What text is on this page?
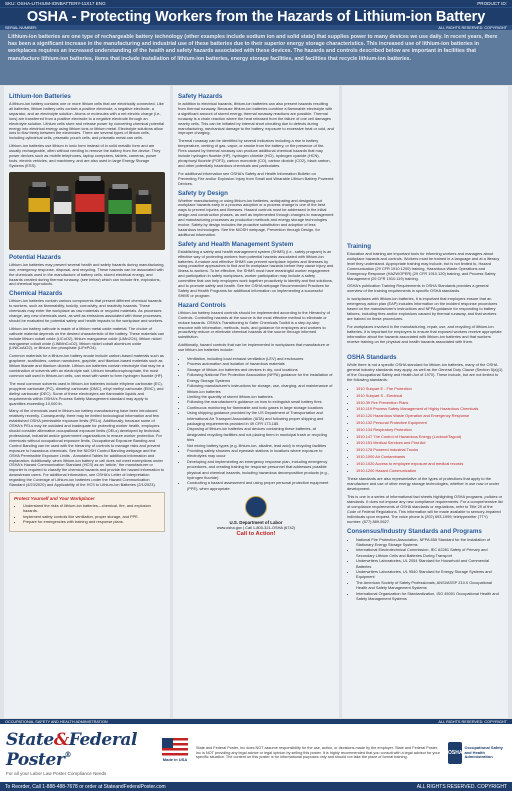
SKU: OSHA-LITHIUM-IONBATTERY-11X17 ENG	PRODUCT ID:
OSHA - Protecting Workers from the Hazards of Lithium-ion Battery
SERIAL NUMBER:	ALL RIGHTS RESERVED. COPYRIGHT
Lithium-ion batteries are one type of rechargeable battery technology (other examples include sodium ion and solid state) that supplies power to many devices we use daily. In recent years, there has been a significant increase in the manufacturing and industrial use of these batteries due to their superior energy storage characteristics. This increased use of lithium-ion batteries in workplaces requires an increased understanding of the health and safety hazards associated with these devices. The hazards and controls described below are important in facilities that manufacture lithium-ion batteries, items that include installation of lithium-ion batteries, energy storage facilities, and facilities that recycle lithium-ion batteries.
Lithium-Ion Batteries

A lithium-ion battery contains one or more lithium cells that are electrically connected. Like all batteries, lithium battery cells contain a positive electrode, a negative electrode, a separator, and an electrolyte solution. Atoms or molecules with a net electric charge (i.e., ions) are transferred from a positive electrode to a negative electrode through an electrolyte solution. Lithium cells store and release power by converting chemical potential energy into electrical energy using lithium ions or lithium metal. Electrolyte solutions allow ions to flow freely between the electrodes. There are several types of lithium cells, including cylindrical cells, prismatic pouch cells, and prismatic metal can cells.

Lithium-ion batteries use lithium in ionic form instead of in solid metallic form and are usually rechargeable, often without needing to remove the battery from the device. They power devices such as mobile telephones, laptop computers, tablets, cameras, power tools, electric vehicles, and machinery, and are also used in large Energy Storage Systems (ESS).

Potential Hazards

Lithium-ion batteries may present several health and safety hazards during manufacturing, use, emergency response, disposal, and recycling. These hazards can be associated with the chemicals used in the manufacture of battery cells, stored electrical energy, and hazards created during thermal runaway, (see below) which can include fire, explosions, and chemical byproducts.

Chemical Hazards

Lithium-ion batteries contain various components that present different chemical hazards to workers, such as flammability, toxicity, corrosivity, and reactivity hazards. These chemicals may enter the workplace as raw materials or recycled materials. As processes change, any new chemicals used, as well as emissions associated with those processes, should be evaluated for potential safety and health impacts to the workplace and workers.

Lithium-ion battery cathode is made of a lithium metal oxide material. The choice of cathode material depends on the desired characteristic of the battery. These materials can include lithium cobalt oxide (LiCoO2), lithium manganese oxide (LiMn2O4), lithium nickel manganese cobalt oxide (LiNiMnCoO2), lithium nickel cobalt aluminum oxide (LiNiCoAlO2), or lithium iron phosphate (LiFePO4).

Common materials for a lithium-ion battery anode include carbon-based materials such as graphene, scaffolders, carbon nanotubes, graphite, and titanium-based materials such as lithium titanate and titanium dioxide. Lithium-ion batteries contain electrolyte that may be a combination of solvents with an electrolyte salt. Lithium hexafluorophosphate, the most common salt used in lithium-ion cells, can react with water to form hydrogen fluoride (HF).

The most common solvents used in lithium-ion batteries include ethylene carbonate (EC), propylene carbonate (PC), dimethyl carbonate (DMC), ethyl methyl carbonate (EMC), and diethyl carbonate (DEC). Some of these electrolytes are flammable liquids and requirements within OSHA's Process Safety Management standard may apply to quantities exceeding 10,000 lb.

Many of the chemicals used in lithium-ion battery manufacturing have been introduced relatively recently. Consequently, there may be limited toxicological information and few established OSHA permissible exposure limits (PELs). Additionally, because some of OSHA's PELs may be outdated and inadequate for protecting worker health, employers should consider alternative occupational exposure limits (OELs) developed by technical, professional, industrial and/or government organizations to ensure worker protection. For chemicals without occupational exposure limits, Occupational Exposure Banding and Control Banding can be used with the hierarchy of controls to manage risks and prevent exposure to hazardous chemicals. See the NIOSH Control Banding webpage and the OSHA Permissible Exposure Limits - Annotated Tables for additional information and explanation. Additionally, when lithium-ion battery or cell does not meet exemptions under OSHA's Hazard Communication Standard (HCS) as an 'article,' the manufacturer or importer is required to classify the chemical hazards and provide the hazard information to downstream users. For additional information, see OSHA's Letter of Interpretation regarding the Coverage of Lithium-ion batteries under the Hazard Communication Standard (4/23/2020) and Applicability of the HCS to Lithium-Ion Batteries (2/1/2023).

Protect Yourself and Your Workplace!
• Understand the risks of lithium-ion batteries—chemical, fire, and explosion hazards.
• Implement safety controls like ventilation, proper storage, and PPE.
• Prepare for emergencies with training and response plans.
Safety Hazards

In addition to electrical hazards, lithium-ion batteries can also present hazards resulting from thermal runaway. Because lithium-ion batteries combine a flammable electrolyte with a significant amount of stored energy, thermal runaway reactions are possible. Thermal runaway is a chain reaction where the heat released from the failure of one cell damages nearby cells. This can be initiated by internal short circuiting due to defects during manufacturing, mechanical damage to the battery, exposure to excessive heat or cold, and improper charging.

Thermal runaway can be identified by several indicators including a rise in battery temperature, venting of gas, vapor, or smoke from the battery, or the presence of fire. Fires caused by thermal runaway can produce additional chemical hazards that may include hydrogen fluoride (HF), hydrogen chloride (HCl), hydrogen cyanide (HCN), phosphoryl fluoride (POF3), carbon monoxide (CO), carbon dioxide (CO2), black carbon, and other potentially hazardous chemicals and particulates.

For additional information see OSHA's Safety and Health Information Bulletin on Preventing Fire and/or Explosion Injury from Small and Wearable Lithium Battery Powered Devices.

Safety by Design

Whether manufacturing or using lithium-ion batteries, anticipating and designing out workplace hazards early in a process adoption or a process change is one of the best ways to prevent injuries and illnesses. Hazard controls must be addressed in the initial design and construction phases, as well as implemented through changes to management and manufacturing processes as production methods and energy storage technologies evolve. Safety by design includes the proactive substitution and adoption of less hazardous technologies. See the NIOSH webpage, Prevention through Design, for additional information.

Safety and Health Management System

Establishing a safety and health management system (SHMS) (i.e., safety program) is an effective way of protecting workers from potential hazards associated with lithium-ion batteries. A mature and effective SHMS can prevent workplace injuries and illnesses by using proactive approaches to find and fix workplace hazards before they cause injury and illness to workers. To be effective, the SHMS must have meaningful worker engagement and participation in safety workplaces, worker participation may include a safety committee that can help employers work together proactively to identify and find solutions, and to promote safety and health. See the OSHA webpage Recommended Practices for Safety and Health Programs for additional information on implementing a successful SHMS or program.

Hazard Controls

Lithium-ion battery hazard controls should be implemented according to the Hierarchy of Controls. Controlling hazards at the source is the most effective method to eliminate or reduce hazards. OSHA's Transitioning to Safer Chemicals Toolkit is a step-by-step resource with information, methods, tools, and guidance for employers and workers to proactively reduce or eliminate chemical hazards at the source through informed substitution.

Additionally, hazard controls that can be implemented in workplaces that manufacture or use lithium-ion batteries include:

• Ventilation, including local exhaust ventilation (LEV) and enclosures
• Process automation and isolation of hazardous materials
• Storage of lithium-ion batteries and devices in dry, cool locations
• Following National Fire Protection Association (NFPA) guidance for the installation of Energy Storage Systems
• Following manufacturer's instructions for storage, use, charging, and maintenance of lithium-ion batteries
• Limiting the quantity of stored lithium-ion batteries
• Following the manufacturer's guidance on how to extinguish small battery fires
• Continuous monitoring for flammable and toxic gases in large storage locations
• Using shipping guidance provided by the US Department of Transportation and International Air Transport Association (IATA) and following proper shipping and packaging requirements provided in 49 CFR 173.185
• Disposing of lithium-ion batteries and devices containing these batteries, at designated recycling facilities and not placing them in municipal trash or recycling bins
• Not mixing battery types (e.g. lithium-ion, alkaline, lead acid) in recycling facilities
• Providing safety showers and eyewash stations in locations where exposure to electrolytes may occur
• Developing and implementing an emergency response plan, including emergency procedures, and creating training for response personnel that addresses possible physical and chemical hazards, including hazardous decomposition products (e.g., hydrogen fluoride)
• Conducting a hazard assessment and using proper personal protective equipment (PPE), when appropriate
U.S. Department of Labor
www.osha.gov | Call 1-800-321-OSHA (6742)
Call to Action!
Training

Education and training are important tools for informing workers and managers about workplace hazards and controls. Workers must be trained in a language and at a literacy level they understand. Appropriate training may include, but is not limited to, Hazard Communication (29 CFR 1910.1200) training, Hazardous Waste Operations and Emergency Response (HAZWOPER) (29 CFR 1910.120) training, and Process Safety Management (29 CFR 1910.119) training.

OSHA's publication Training Requirements in OSHA Standards provides a general overview of the training requirements in specific OSHA standards.

In workplaces with lithium-ion batteries, it is important that employers ensure that an emergency action plan (EAP) includes information on the incident response procedures based on the manufacturer's instructions and NFPA guidance for responding to battery failures, including fires and/or explosions caused by thermal runaway, and that workers are trained on these procedures.

For workplaces involved in the manufacturing, repair, use, and recycling of lithium-ion batteries, it is important for employers to ensure that exposed workers receive appropriate information about the hazards associated with lithium-ion batteries and that workers receive training on the physical and health hazards associated with them.

OSHA Standards

While there is not a specific OSHA standard for lithium-ion batteries, many of the OSHA general industry standards may apply, as well as the General Duty Clause (Section 5(a)(1) of the Occupational Safety and Health Act of 1970). These include, but are not limited to the following standards:

• 1910 Subpart E - Fire Protection
• 1910 Subpart S - Electrical
• 1910.39 Fire Prevention Plans
• 1910.119 Process Safety Management of Highly Hazardous Chemicals
• 1910.120 Hazardous Waste Operation and Emergency Response
• 1910.132 Personal Protective Equipment
• 1910.134 Respiratory Protection
• 1910.147 The Control of Hazardous Energy (Lockout/Tagout)
• 1910.151 Medical Services and First Aid
• 1910.178 Powered Industrial Trucks
• 1910.1000 Air Contaminants
• 1910.1020 Access to employee exposure and medical records
• 1910.1200 Hazard Communication

These standards are also representative of the types of protections that apply to the manufacture and use of other energy storage technologies, whether in use now or under development.

This is one in a series of informational fact sheets highlighting OSHA programs, policies or standards. It does not impose any new compliance requirements. For a comprehensive list of compliance requirements of OSHA standards or regulations, refer to Title 29 of the Code of Federal Regulations. This information will be made available to sensory-impaired individuals upon request. The voice phone is (202) 693-1999; teletypewriter (TTY) number: (877) 889-5627.

Consensus/Industry Standards and Programs
• National Fire Protection Association, NFPA 855 Standard for the Installation of Stationary Energy Storage Systems
• International Electrotechnical Commission, IEC 62281 Safety of Primary and Secondary Lithium Cells and Batteries During Transport
• Underwriters Laboratories, UL 2054 Standard for Household and Commercial Batteries
• Underwriters Laboratories, UL 9540 Standard for Energy Storage Systems and Equipment
• The American Society of Safety Professionals, ANSI/ASSP Z10.0 Occupational Health and Safety Management Systems
• International Organization for Standardization, ISO 45001 Occupational Health and Safety Management Systems
OCCUPATIONAL SAFETY AND HEALTH ADMINISTRATION	ALL RIGHTS RESERVED. COPYRIGHT
State&Federal Poster®
For all your Labor Law Poster Compliance Needs
Made in USA
State and Federal Poster, Inc does NOT assume responsibility for the use, action, or decisions made by the employer. State and Federal Poster, Inc is NOT providing any legal advice or legal opinion by selling this poster. It is highly recommended that you consult with a legal advisor for your specific situation. The content on this poster is for informational purposes only and should not take the place of formal training.
OSHA
Occupational Safety and Health Administration
To Reorder, Call 1-888-488-7678 or order at StateandFederalPoster.com	ALL RIGHTS RESERVED. COPYRIGHT
